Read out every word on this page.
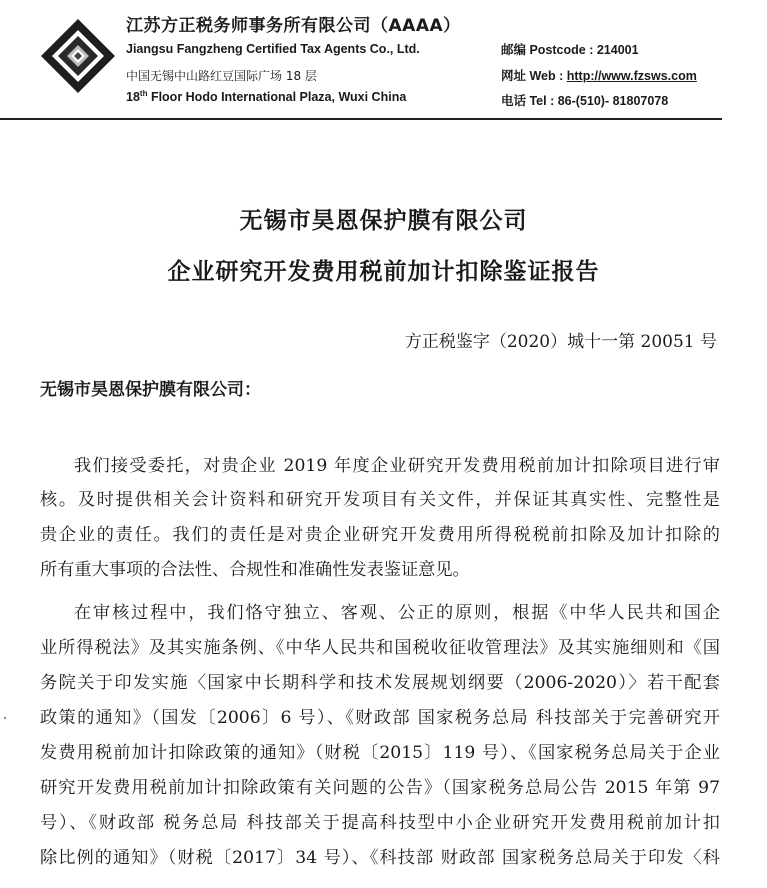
江苏方正税务师事务所有限公司（AAAA）
Jiangsu Fangzheng Certified Tax Agents Co., Ltd.
中国无锡中山路红豆国际广场 18 层
18th Floor Hodo International Plaza, Wuxi China
邮编 Postcode : 214001
网址 Web : http://www.fzsws.com
电话 Tel : 86-(510)- 81807078
无锡市昊恩保护膜有限公司
企业研究开发费用税前加计扣除鉴证报告
方正税鉴字（2020）城十一第 20051 号
无锡市昊恩保护膜有限公司：
我们接受委托，对贵企业 2019 年度企业研究开发费用税前加计扣除项目进行审
核。及时提供相关会计资料和研究开发项目有关文件，并保证其真实性、完整性是
贵企业的责任。我们的责任是对贵企业研究开发费用所得税税前扣除及加计扣除的
所有重大事项的合法性、合规性和准确性发表鉴证意见。
在审核过程中，我们恪守独立、客观、公正的原则，根据《中华人民共和国企
业所得税法》及其实施条例、《中华人民共和国税收征收管理法》及其实施细则和《国
务院关于印发实施〈国家中长期科学和技术发展规划纲要（2006-2020）〉若干配套
政策的通知》（国发〔2006〕6 号）、《财政部 国家税务总局 科技部关于完善研究开
发费用税前加计扣除政策的通知》（财税〔2015〕119 号）、《国家税务总局关于企业
研究开发费用税前加计扣除政策有关问题的公告》（国家税务总局公告 2015 年第 97
号）、《财政部 税务总局 科技部关于提高科技型中小企业研究开发费用税前加计扣
除比例的通知》（财税〔2017〕34 号）、《科技部 财政部 国家税务总局关于印发〈科
